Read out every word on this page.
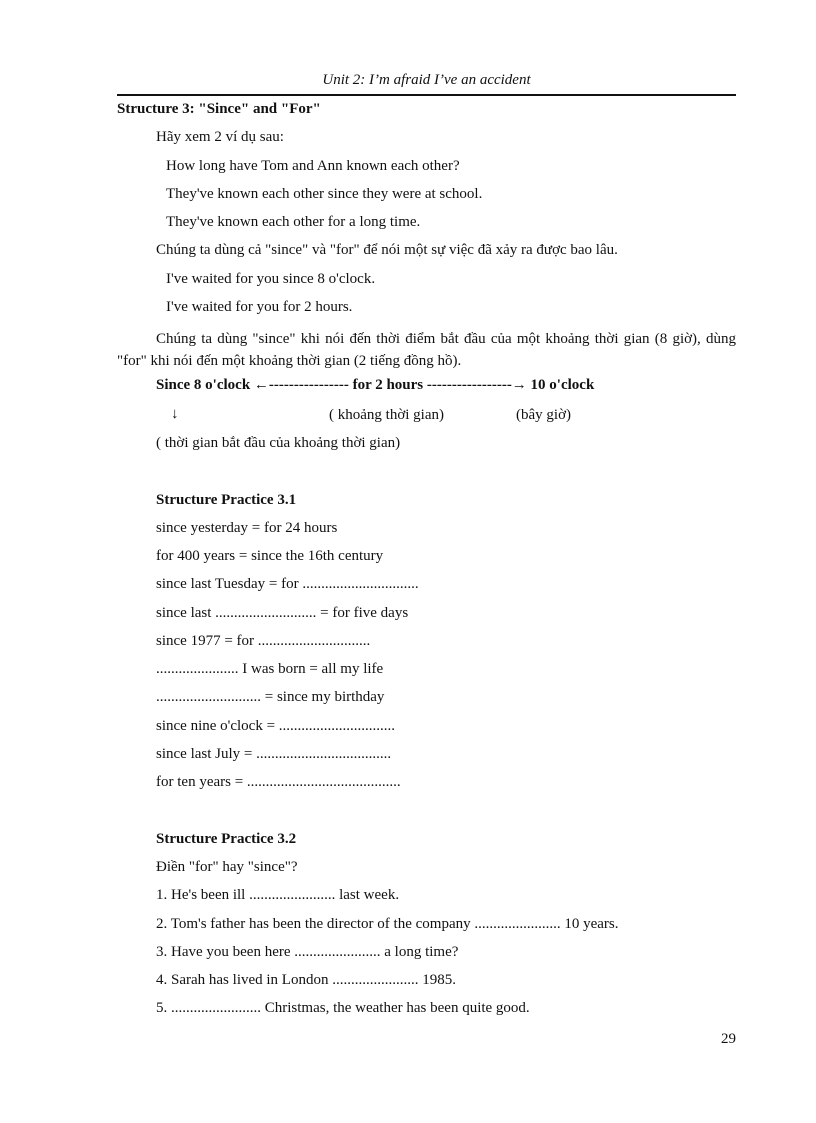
Unit 2: I’m afraid I’ve an accident
Structure 3: "Since" and "For"
Hãy xem 2 ví dụ sau:
How long have Tom and Ann known each other?
They've known each other since they were at school.
They've known each other for a long time.
Chúng ta dùng cả "since" và "for" để nói một sự việc đã xảy ra được bao lâu.
I've waited for you since 8 o'clock.
I've waited for you for 2 hours.
Chúng ta dùng "since" khi nói đến thời điểm bắt đầu của một khoảng thời gian (8 giờ), dùng "for" khi nói đến một khoảng thời gian (2 tiếng đồng hồ).
Since 8 o'clock ←---------------- for 2 hours -----------------→ 10 o'clock
↓	( khoảng thời gian)	(bây giờ)
( thời gian bắt đầu của khoảng thời gian)
Structure Practice 3.1
since yesterday = for 24 hours
for 400 years = since the 16th century
since last Tuesday = for ...............................
since last ........................... = for five days
since 1977 = for ..............................
...................... I was born = all my life
............................ = since my birthday
since nine o'clock = ...............................
since last July = ....................................
for ten years = .........................................
Structure Practice 3.2
Điền "for" hay "since"?
1. He's been ill ....................... last week.
2. Tom's father has been the director of the company ....................... 10 years.
3. Have you been here ....................... a long time?
4. Sarah has lived in London ....................... 1985.
5. ........................ Christmas, the weather has been quite good.
29
